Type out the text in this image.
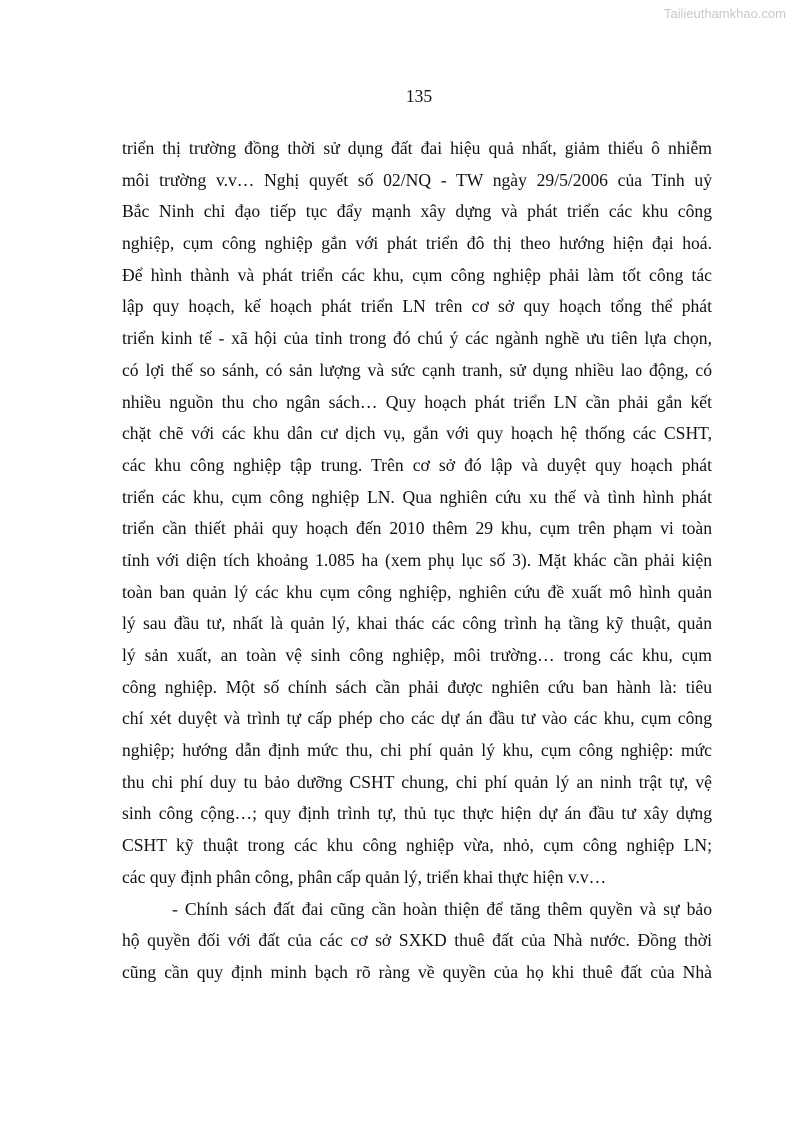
Tailieuthamkhao.com
135
triển thị trường đồng thời sử dụng đất đai hiệu quả nhất, giảm thiểu ô nhiễm
môi trường v.v… Nghị quyết số 02/NQ - TW ngày 29/5/2006 của Tỉnh uỷ
Bắc Ninh chỉ đạo tiếp tục đẩy mạnh xây dựng và phát triển các khu công
nghiệp, cụm công nghiệp gắn với phát triển đô thị theo hướng hiện đại hoá.
Để hình thành và phát triển các khu, cụm công nghiệp phải làm tốt công tác
lập quy hoạch, kế hoạch phát triển LN trên cơ sở quy hoạch tổng thể phát
triển kinh tế - xã hội của tỉnh trong đó chú ý các ngành nghề ưu tiên lựa chọn,
có lợi thế so sánh, có sản lượng và sức cạnh tranh, sử dụng nhiều lao động, có
nhiều nguồn thu cho ngân sách… Quy hoạch phát triển LN cần phải gắn kết
chặt chẽ với các khu dân cư dịch vụ, gắn với quy hoạch hệ thống các CSHT,
các khu công nghiệp tập trung. Trên cơ sở đó lập và duyệt quy hoạch phát
triển các khu, cụm công nghiệp LN. Qua nghiên cứu xu thế và tình hình phát
triển cần thiết phải quy hoạch đến 2010 thêm 29 khu, cụm trên phạm vi toàn
tỉnh với diện tích khoảng 1.085 ha (xem phụ lục số 3). Mặt khác cần phải kiện
toàn ban quản lý các khu cụm công nghiệp, nghiên cứu đề xuất mô hình quản
lý sau đầu tư, nhất là quản lý, khai thác các công trình hạ tầng kỹ thuật, quản
lý sản xuất, an toàn vệ sinh công nghiệp, môi trường… trong các khu, cụm
công nghiệp. Một số chính sách cần phải được nghiên cứu ban hành là: tiêu
chí xét duyệt và trình tự cấp phép cho các dự án đầu tư vào các khu, cụm công
nghiệp; hướng dẫn định mức thu, chi phí quản lý khu, cụm công nghiệp: mức
thu chi phí duy tu bảo dưỡng CSHT chung, chi phí quản lý an ninh trật tự, vệ
sinh công cộng…; quy định trình tự, thủ tục thực hiện dự án đầu tư xây dựng
CSHT kỹ thuật trong các khu công nghiệp vừa, nhỏ, cụm công nghiệp LN;
các quy định phân công, phân cấp quản lý, triển khai thực hiện v.v…
- Chính sách đất đai cũng cần hoàn thiện để tăng thêm quyền và sự bảo
hộ quyền đối với đất của các cơ sở SXKD thuê đất của Nhà nước. Đồng thời
cũng cần quy định minh bạch rõ ràng về quyền của họ khi thuê đất của Nhà
